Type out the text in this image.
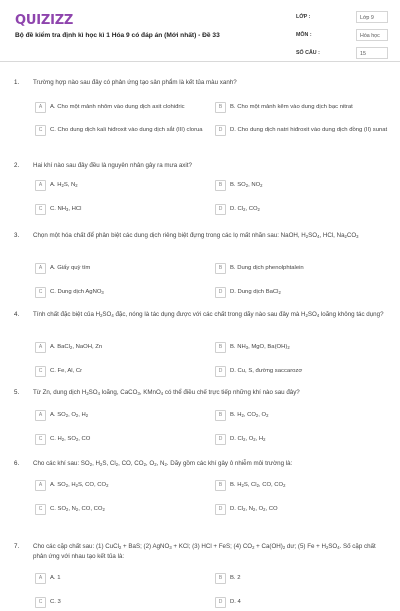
QUIZIZZ
Bộ đề kiểm tra định kì học kì 1 Hóa 9 có đáp án (Mới nhất) - Đề 33
LỚP :	Lớp 9
MÔN :	Hóa học
SỐ CÂU :	15
1. Trường hợp nào sau đây có phản ứng tạo sản phẩm là kết tủa màu xanh?
A	A. Cho một mảnh nhôm vào dung dịch axit clohiđric	B	B. Cho một mảnh kẽm vào dung dịch bạc nitrat
C	C. Cho dung dịch kali hiđroxit vào dung dịch sắt (III) clorua	D	D. Cho dung dịch natri hiđroxit vào dung dịch đồng (II) sunat
2. Hai khí nào sau đây đều là nguyên nhân gây ra mưa axit?
A	A. $H_2S$, $N_2$	B	B. $SO_2$, $NO_2$
C	C. $NH_3$, HCl	D	D. $Cl_2$, $CO_2$
3. Chọn một hóa chất để phân biệt các dung dịch riêng biệt đựng trong các lọ mất nhãn sau: NaOH, $H_2SO_4$, HCl, $Na_2CO_3$
A	A. Giấy quỳ tím	B	B. Dung dịch phenolphtalein
C	C. Dung dịch AgNO$_3$	D	D. Dung dịch BaCl$_2$
4. Tính chất đặc biệt của $H_2SO_4$ đặc, nóng là tác dụng được với các chất trong dãy nào sau đây mà $H_2SO_4$ loãng không tác dụng?
A	A. BaCl$_2$, NaOH, Zn	B	B. $NH_3$, MgO, $Ba(OH)_2$
C	C. Fe, Al, Cr	D	D. Cu, S, đường saccarozơ
5. Từ Zn, dung dịch $H_2SO_4$ loãng, CaCO$_3$, KMnO$_4$ có thể điều chế trực tiếp những khí nào sau đây?
A	A. $SO_2$, $O_2$, $H_2$	B	B. $H_2$, $CO_2$, $O_2$
C	C. $H_2$, $SO_2$, CO	D	D. $Cl_2$, $O_2$, $H_2$
6. Cho các khí sau: $SO_2$, $H_2S$, $Cl_2$, CO, $CO_2$, $O_2$, $N_2$. Dãy gồm các khí gây ô nhiễm môi trường là:
A	A. $SO_2$, $H_2S$, CO, $CO_2$	B	B. $H_2S$, $Cl_2$, CO, $CO_2$
C	C. $SO_2$, $N_2$, CO, $CO_2$	D	D. $Cl_2$, $N_2$, $O_2$, CO
7. Cho các cặp chất sau: (1) CuCl$_2$ + BaS; (2) AgNO$_3$ + KCl; (3) HCl + FeS; (4) $CO_2 + Ca(OH)_2$ dư; (5) $Fe + H_2SO_4$. Số cặp chất phản ứng với nhau tạo kết tủa là:
A	A. 1	B	B. 2
C	C. 3	D	D. 4
